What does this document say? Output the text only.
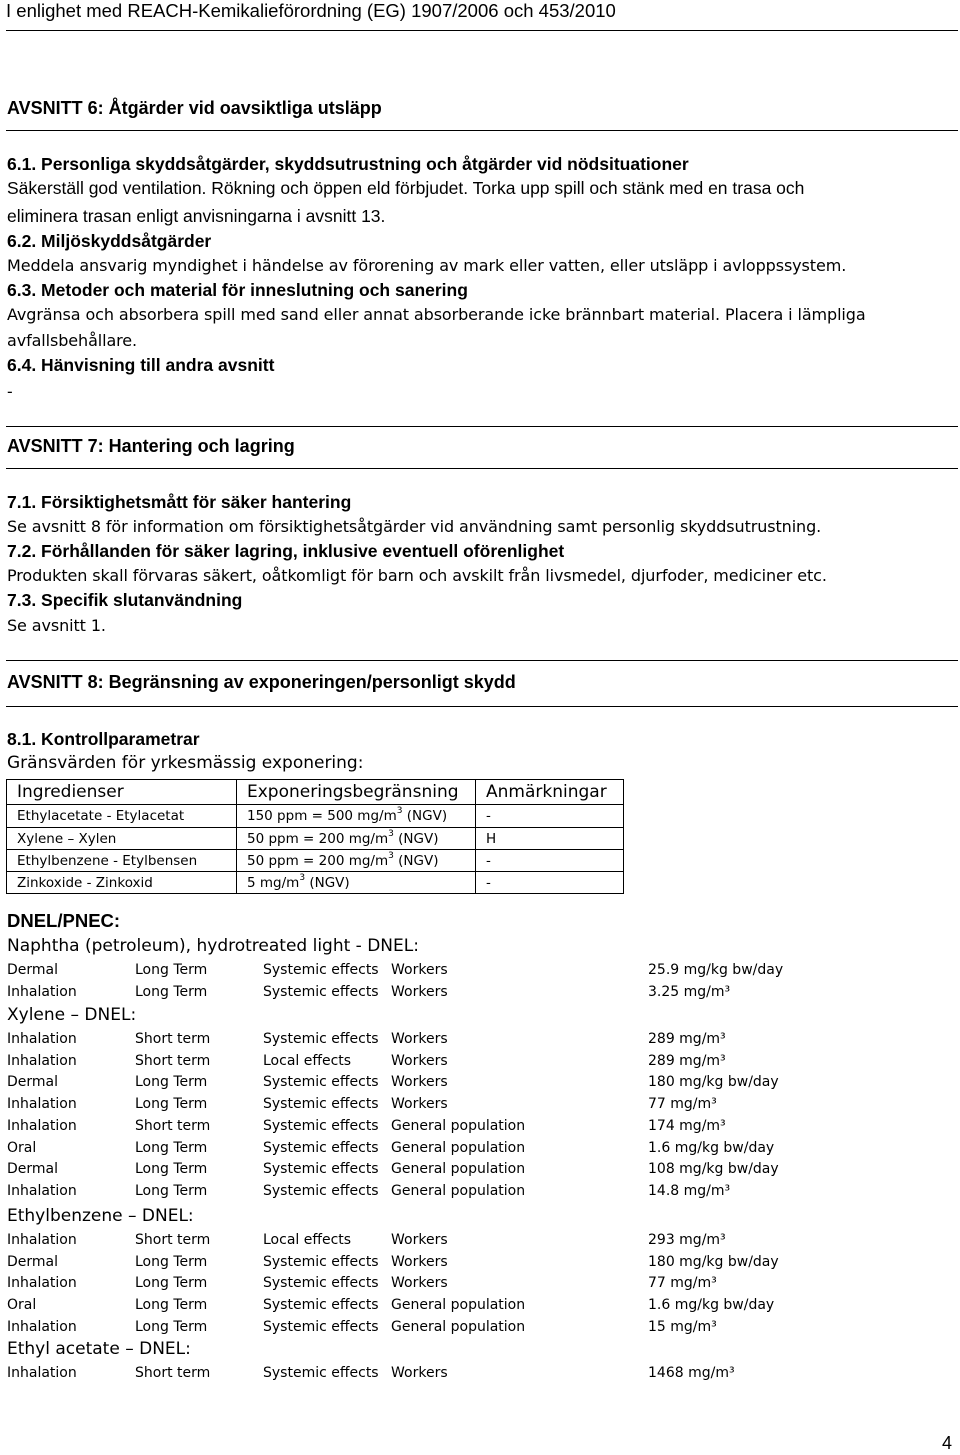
I enlighet med REACH-Kemikalieförordning (EG) 1907/2006 och 453/2010
AVSNITT 6: Åtgärder vid oavsiktliga utsläpp
6.1. Personliga skyddsåtgärder, skyddsutrustning och åtgärder vid nödsituationer
Säkerställ god ventilation. Rökning och öppen eld förbjudet. Torka upp spill och stänk med en trasa och
eliminera trasan enligt anvisningarna i avsnitt 13.
6.2. Miljöskyddsåtgärder
Meddela ansvarig myndighet i händelse av förorening av mark eller vatten, eller utsläpp i avloppssystem.
6.3. Metoder och material för inneslutning och sanering
Avgränsa och absorbera spill med sand eller annat absorberande icke brännbart material. Placera i lämpliga
avfallsbehållare.
6.4. Hänvisning till andra avsnitt
-
AVSNITT 7: Hantering och lagring
7.1. Försiktighetsmått för säker hantering
Se avsnitt 8 för information om försiktighetsåtgärder vid användning samt personlig skyddsutrustning.
7.2. Förhållanden för säker lagring, inklusive eventuell oförenlighet
Produkten skall förvaras säkert, oåtkomligt för barn och avskilt från livsmedel, djurfoder, mediciner etc.
7.3. Specifik slutanvändning
Se avsnitt 1.
AVSNITT 8: Begränsning av exponeringen/personligt skydd
8.1. Kontrollparametrar
Gränsvärden för yrkesmässig exponering:
Ingredienser	Exponeringsbegränsning	Anmärkningar
Ethylacetate - Etylacetat	150 ppm = 500 $mg/m^3$ (NGV)	-
Xylene – Xylen	50 ppm = 200 $mg/m^3$ (NGV)	H
Ethylbenzene - Etylbensen	50 ppm = 200 $mg/m^3$ (NGV)	-
Zinkoxide - Zinkoxid	5 $mg/m^3$ (NGV)	-
DNEL/PNEC:
Naphtha (petroleum), hydrotreated light - DNEL:
Dermal	Long Term	Systemic effects Workers	25.9 mg/kg bw/day
Inhalation	Long Term	Systemic effects Workers	3.25 mg/m³
Xylene – DNEL:
Inhalation	Short term	Systemic effects Workers	289 mg/m³
Inhalation	Short term	Local effects	Workers	289 mg/m³
Dermal	Long Term	Systemic effects Workers	180 mg/kg bw/day
Inhalation	Long Term	Systemic effects Workers	77 mg/m³
Inhalation	Short term	Systemic effects General population	174 mg/m³
Oral	Long Term	Systemic effects General population	1.6 mg/kg bw/day
Dermal	Long Term	Systemic effects General population	108 mg/kg bw/day
Inhalation	Long Term	Systemic effects General population	14.8 mg/m³
Ethylbenzene – DNEL:
Inhalation	Short term	Local effects	Workers	293 mg/m³
Dermal	Long Term	Systemic effects Workers	180 mg/kg bw/day
Inhalation	Long Term	Systemic effects Workers	77 mg/m³
Oral	Long Term	Systemic effects General population	1.6 mg/kg bw/day
Inhalation	Long Term	Systemic effects General population	15 mg/m³
Ethyl acetate – DNEL:
Inhalation	Short term	Systemic effects Workers	1468 mg/m³
4
